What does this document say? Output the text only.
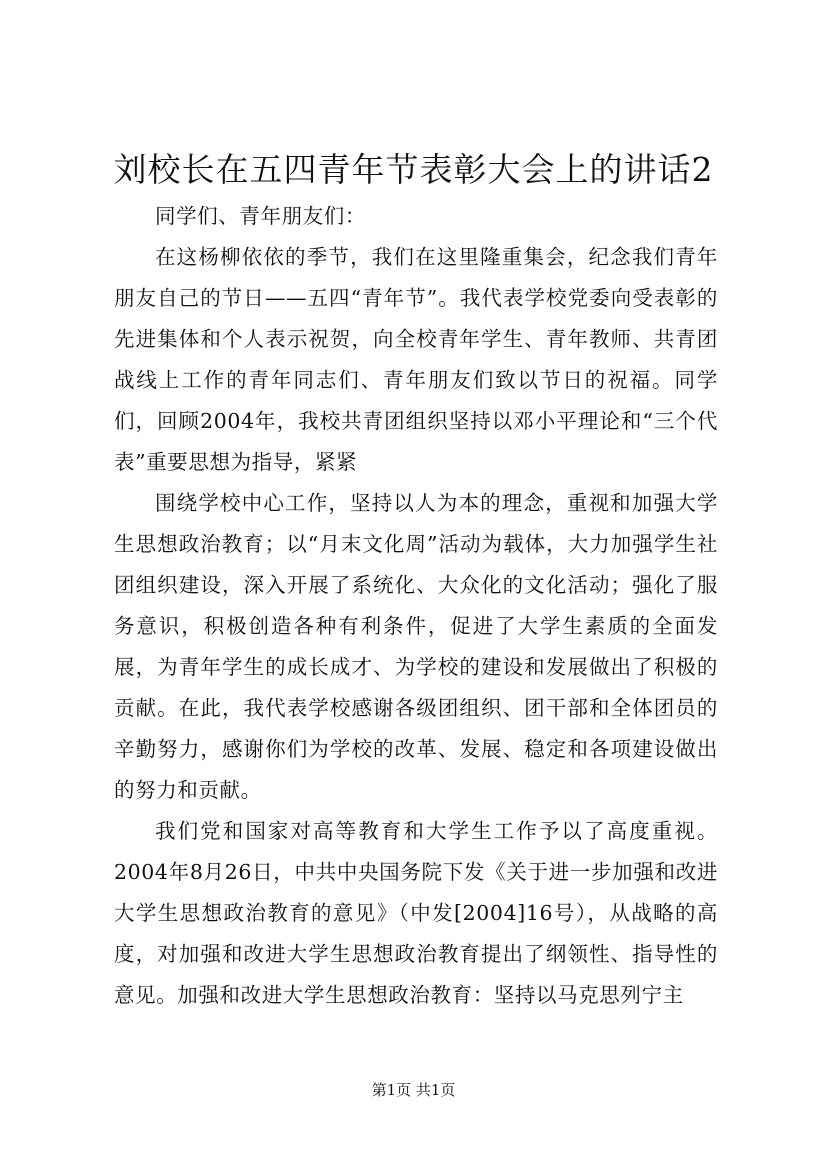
刘校长在五四青年节表彰大会上的讲话2

同学们、青年朋友们：

在这杨柳依依的季节，我们在这里隆重集会，纪念我们青年朋友自己的节日——五四“青年节”。我代表学校党委向受表彰的先进集体和个人表示祝贺，向全校青年学生、青年教师、共青团战线上工作的青年同志们、青年朋友们致以节日的祝福。同学们，回顾2004年，我校共青团组织坚持以邓小平理论和“三个代表”重要思想为指导，紧紧

围绕学校中心工作，坚持以人为本的理念，重视和加强大学生思想政治教育；以“月末文化周”活动为载体，大力加强学生社团组织建设，深入开展了系统化、大众化的文化活动；强化了服务意识，积极创造各种有利条件，促进了大学生素质的全面发展，为青年学生的成长成才、为学校的建设和发展做出了积极的贡献。在此，我代表学校感谢各级团组织、团干部和全体团员的辛勤努力，感谢你们为学校的改革、发展、稳定和各项建设做出的努力和贡献。

我们党和国家对高等教育和大学生工作予以了高度重视。2004年8月26日，中共中央国务院下发《关于进一步加强和改进大学生思想政治教育的意见》（中发[2004]16号），从战略的高度，对加强和改进大学生思想政治教育提出了纲领性、指导性的意见。加强和改进大学生思想政治教育：坚持以马克思列宁主

第1页 共1页
